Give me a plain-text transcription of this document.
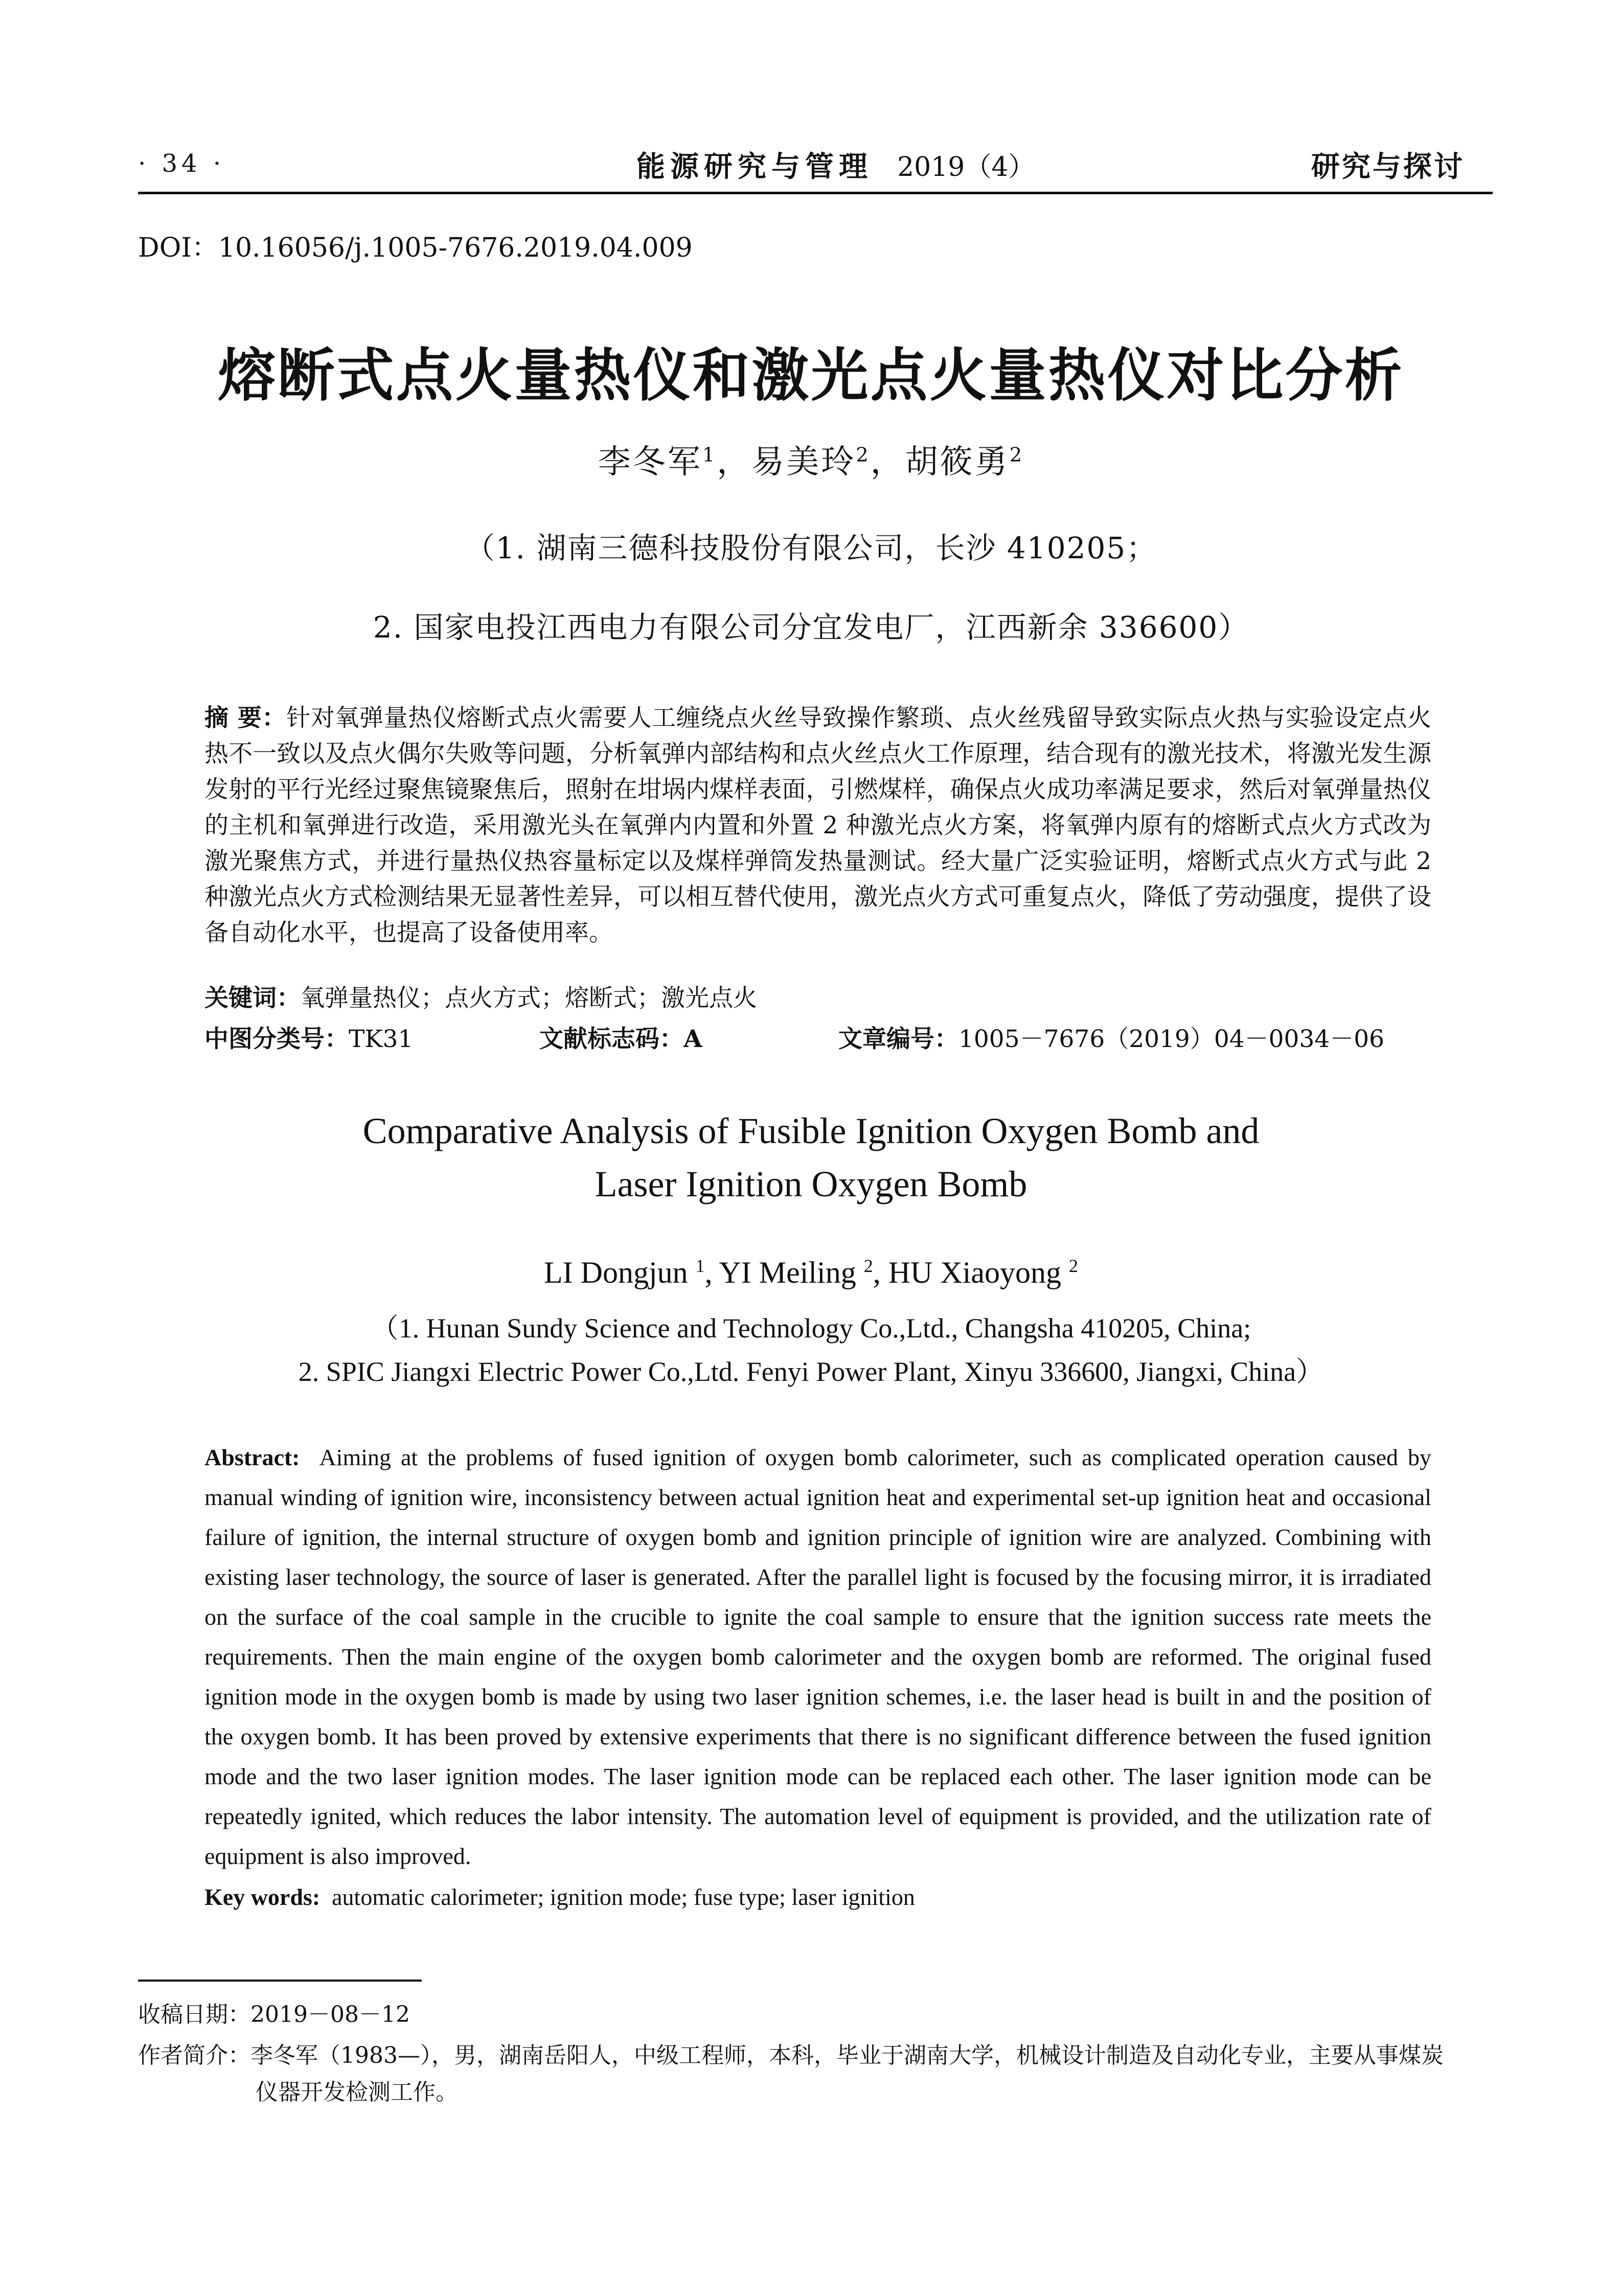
· 34 ·	能源研究与管理 2019（4）	研究与探讨
DOI：10.16056/j.1005-7676.2019.04.009
熔断式点火量热仪和激光点火量热仪对比分析
李冬军$^1$，易美玲$^2$，胡筱勇$^2$
（1. 湖南三德科技股份有限公司，长沙 410205；
2. 国家电投江西电力有限公司分宜发电厂，江西新余 336600）
摘 要：针对氧弹量热仪熔断式点火需要人工缠绕点火丝导致操作繁琐、点火丝残留导致实际点火热与实验设定点火热不一致以及点火偶尔失败等问题，分析氧弹内部结构和点火丝点火工作原理，结合现有的激光技术，将激光发生源发射的平行光经过聚焦镜聚焦后，照射在坩埚内煤样表面，引燃煤样，确保点火成功率满足要求，然后对氧弹量热仪的主机和氧弹进行改造，采用激光头在氧弹内内置和外置 2 种激光点火方案，将氧弹内原有的熔断式点火方式改为激光聚焦方式，并进行量热仪热容量标定以及煤样弹筒发热量测试。经大量广泛实验证明，熔断式点火方式与此 2 种激光点火方式检测结果无显著性差异，可以相互替代使用，激光点火方式可重复点火，降低了劳动强度，提供了设备自动化水平，也提高了设备使用率。
关键词：氧弹量热仪；点火方式；熔断式；激光点火
中图分类号：TK31	文献标志码：A	文章编号：1005－7676（2019）04－0034－06
Comparative Analysis of Fusible Ignition Oxygen Bomb and
Laser Ignition Oxygen Bomb
LI Dongjun $^1$, YI Meiling $^2$, HU Xiaoyong $^2$
（1. Hunan Sundy Science and Technology Co.,Ltd., Changsha 410205, China;
2. SPIC Jiangxi Electric Power Co.,Ltd. Fenyi Power Plant, Xinyu 336600, Jiangxi, China）
Abstract: Aiming at the problems of fused ignition of oxygen bomb calorimeter, such as complicated operation caused by manual winding of ignition wire, inconsistency between actual ignition heat and experimental set-up ignition heat and occasional failure of ignition, the internal structure of oxygen bomb and ignition principle of ignition wire are analyzed. Combining with existing laser technology, the source of laser is generated. After the parallel light is focused by the focusing mirror, it is irradiated on the surface of the coal sample in the crucible to ignite the coal sample to ensure that the ignition success rate meets the requirements. Then the main engine of the oxygen bomb calorimeter and the oxygen bomb are reformed. The original fused ignition mode in the oxygen bomb is made by using two laser ignition schemes, i.e. the laser head is built in and the position of the oxygen bomb. It has been proved by extensive experiments that there is no significant difference between the fused ignition mode and the two laser ignition modes. The laser ignition mode can be replaced each other. The laser ignition mode can be repeatedly ignited, which reduces the labor intensity. The automation level of equipment is provided, and the utilization rate of equipment is also improved.
Key words: automatic calorimeter; ignition mode; fuse type; laser ignition
收稿日期：2019－08－12
作者简介：李冬军（1983—），男，湖南岳阳人，中级工程师，本科，毕业于湖南大学，机械设计制造及自动化专业，主要从事煤炭
仪器开发检测工作。
